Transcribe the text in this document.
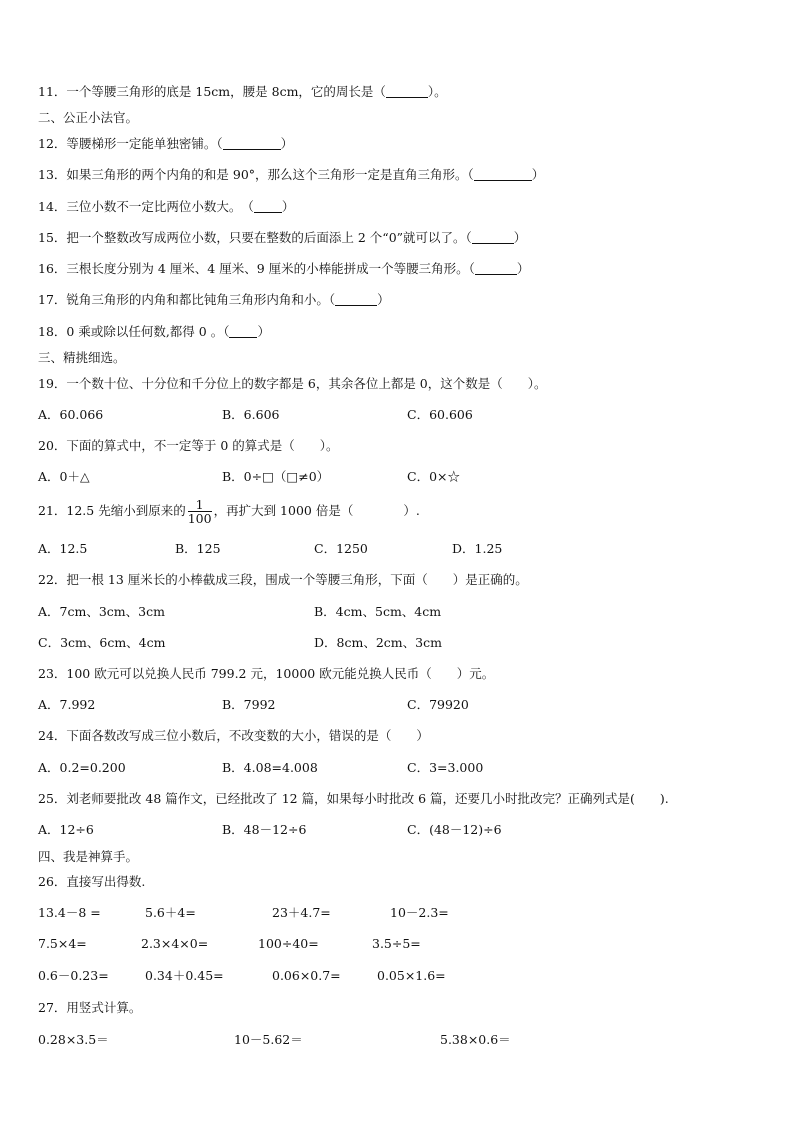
11．一个等腰三角形的底是 15cm，腰是 8cm，它的周长是（	）。
二、公正小法官。
12．等腰梯形一定能单独密铺。（	）
13．如果三角形的两个内角的和是 90°，那么这个三角形一定是直角三角形。（	）
14．三位小数不一定比两位小数大。　（ ）
15．把一个整数改写成两位小数，只要在整数的后面添上 2 个“0”就可以了。（	）
16．三根长度分别为 4 厘米、4 厘米、9 厘米的小棒能拼成一个等腰三角形。（	）
17．锐角三角形的内角和都比钝角三角形内角和小。（	）
18．0 乘或除以任何数,都得 0 。（ ）
三、精挑细选。
19．一个数十位、十分位和千分位上的数字都是 6，其余各位上都是 0，这个数是（　　）。
A．60.066	B．6.606	C．60.606
20．下面的算式中，不一定等于 0 的算式是（　　）。
A．0＋△	B．0÷□（□≠0）	C．0×☆
21．12.5 先缩小到原来的 $\frac{1}{100}$ ，再扩大到 1000 倍是（　　　　）.
A．12.5	B．125	C．1250	D．1.25
22．把一根 13 厘米长的小棒截成三段，围成一个等腰三角形，下面（　　）是正确的。
A．7cm、3cm、3cm	B．4cm、5cm、4cm
C．3cm、6cm、4cm	D．8cm、2cm、3cm
23．100 欧元可以兑换人民币 799.2 元，10000 欧元能兑换人民币（　　）元。
A．7.992	B．7992	C．79920
24．下面各数改写成三位小数后，不改变数的大小，错误的是（　　）
A．0.2=0.200	B．4.08=4.008	C．3=3.000
25．刘老师要批改 48 篇作文，已经批改了 12 篇，如果每小时批改 6 篇，还要几小时批改完？正确列式是(　　).
A．12÷6	B．48－12÷6	C．(48－12)÷6
四、我是神算手。
26．直接写出得数.
13.4－8 =	5.6＋4=	23＋4.7=	10－2.3=
7.5×4=	2.3×4×0=	100÷40=	3.5÷5=
0.6－0.23=	0.34＋0.45=	0.06×0.7=	0.05×1.6=
27．用竖式计算。
0.28×3.5＝	10－5.62＝	5.38×0.6＝
